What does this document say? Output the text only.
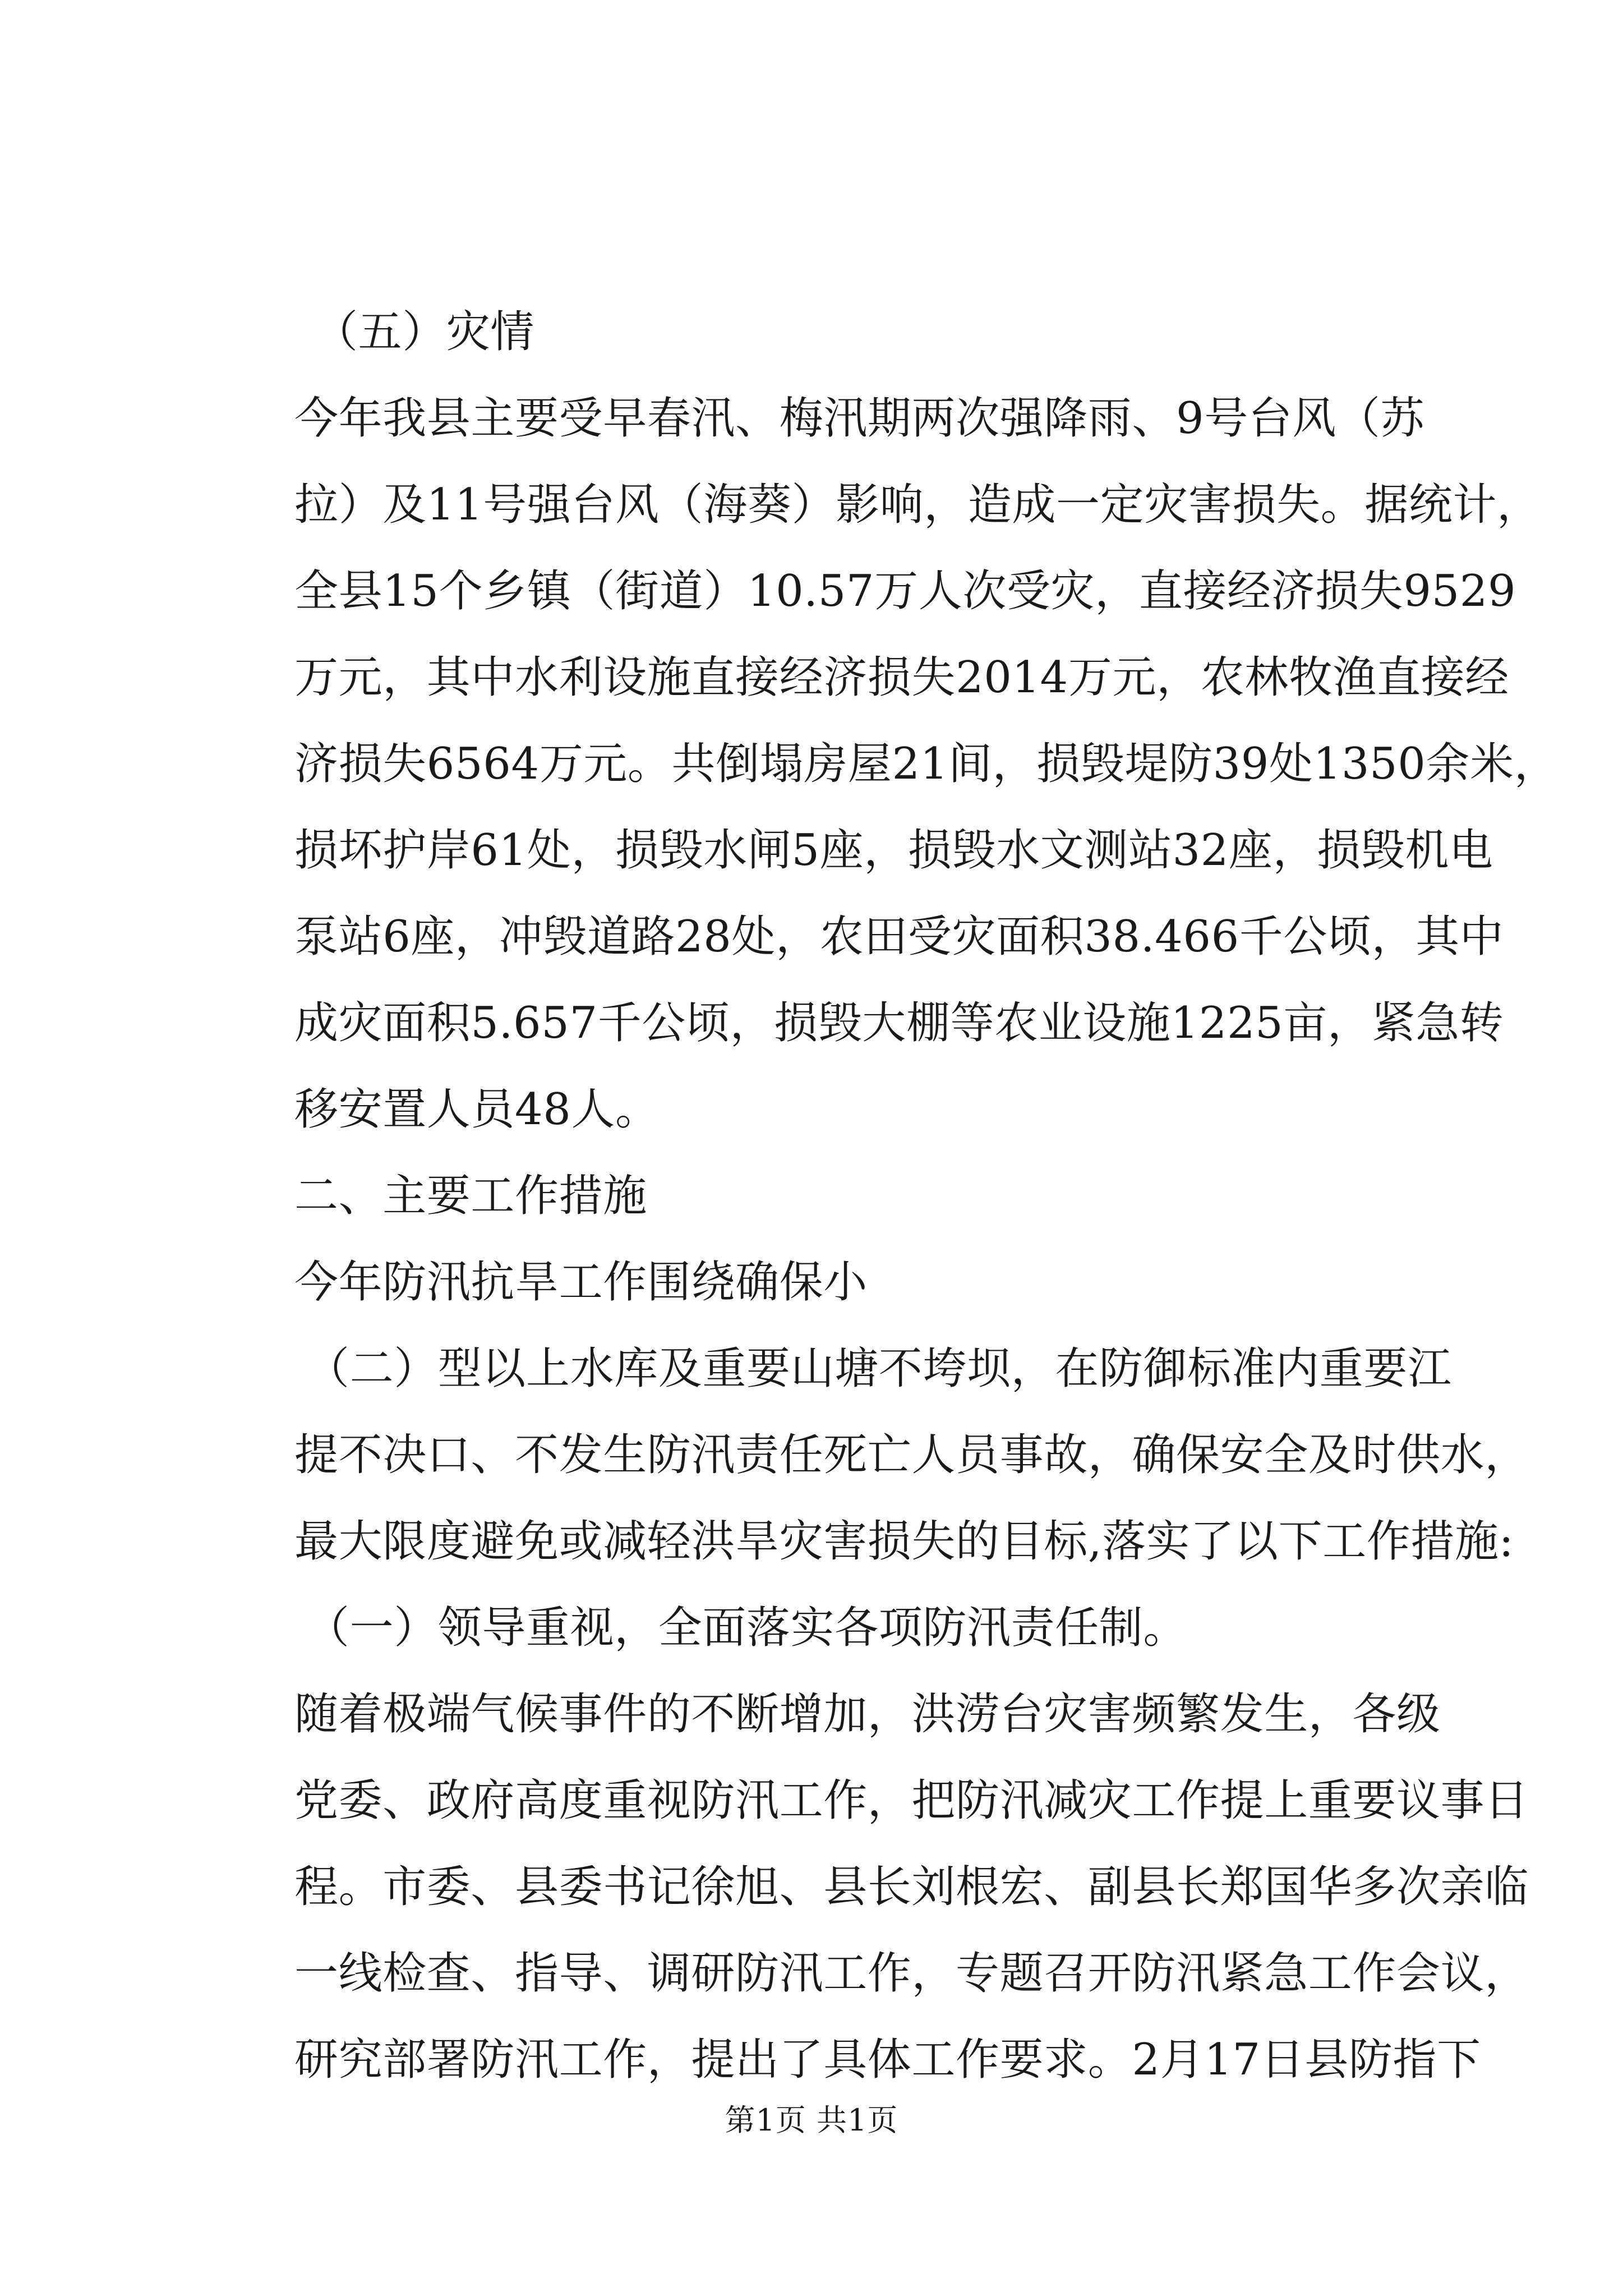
（五）灾情
今年我县主要受早春汛、梅汛期两次强降雨、9号台风（苏
拉）及11号强台风（海葵）影响，造成一定灾害损失。据统计，
全县15个乡镇（街道）10.57万人次受灾，直接经济损失9529
万元，其中水利设施直接经济损失2014万元，农林牧渔直接经
济损失6564万元。共倒塌房屋21间，损毁堤防39处1350余米，
损坏护岸61处，损毁水闸5座，损毁水文测站32座，损毁机电
泵站6座，冲毁道路28处，农田受灾面积38.466千公顷，其中
成灾面积5.657千公顷，损毁大棚等农业设施1225亩，紧急转
移安置人员48人。
二、主要工作措施
今年防汛抗旱工作围绕确保小
（二）型以上水库及重要山塘不垮坝，在防御标准内重要江
提不决口、不发生防汛责任死亡人员事故，确保安全及时供水，
最大限度避免或减轻洪旱灾害损失的目标,落实了以下工作措施:
（一）领导重视，全面落实各项防汛责任制。
随着极端气候事件的不断增加，洪涝台灾害频繁发生，各级
党委、政府高度重视防汛工作，把防汛减灾工作提上重要议事日
程。市委、县委书记徐旭、县长刘根宏、副县长郑国华多次亲临
一线检查、指导、调研防汛工作，专题召开防汛紧急工作会议，
研究部署防汛工作，提出了具体工作要求。2月17日县防指下
第1页 共1页
